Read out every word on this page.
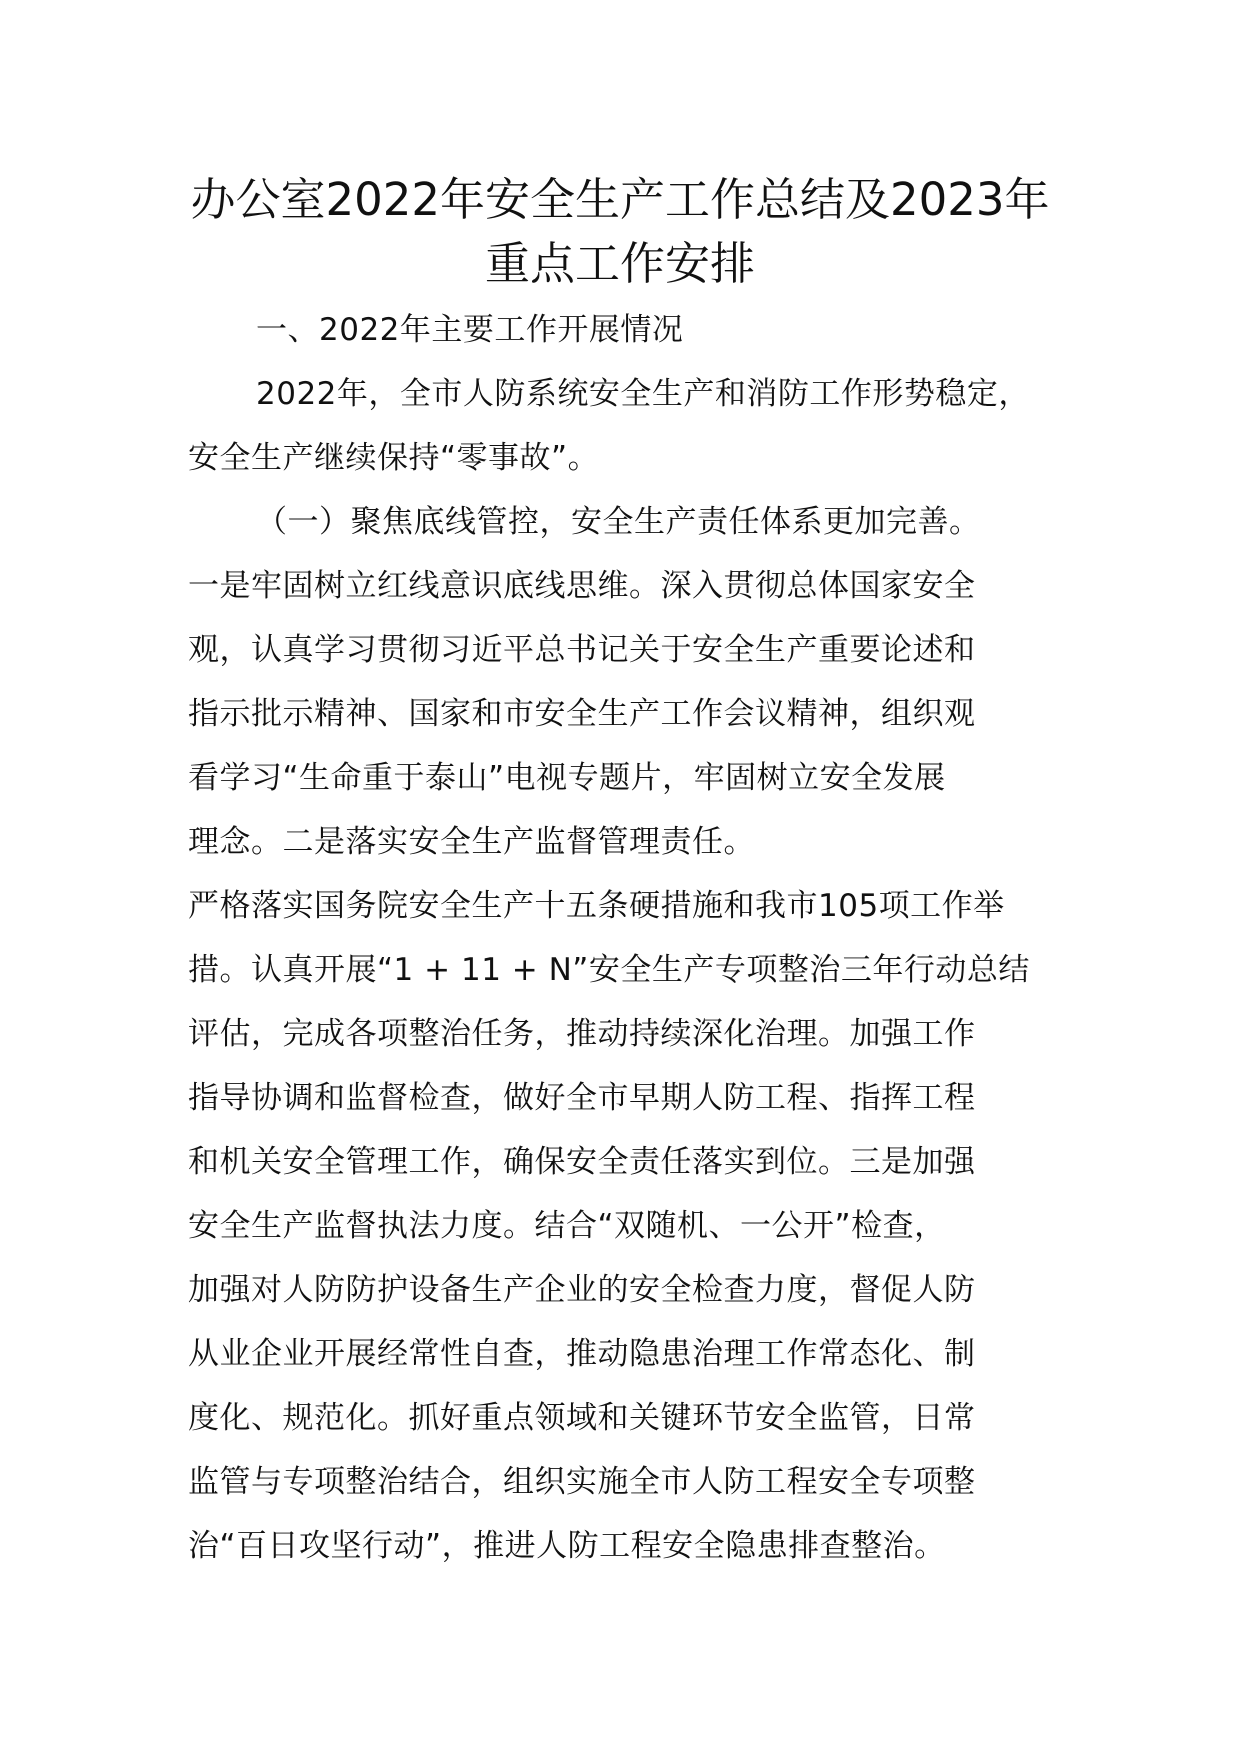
办公室2022年安全生产工作总结及2023年
重点工作安排
一、2022年主要工作开展情况
2022年，全市人防系统安全生产和消防工作形势稳定，
安全生产继续保持“零事故”。
（一）聚焦底线管控，安全生产责任体系更加完善。
一是牢固树立红线意识底线思维。深入贯彻总体国家安全
观，认真学习贯彻习近平总书记关于安全生产重要论述和
指示批示精神、国家和市安全生产工作会议精神，组织观
看学习“生命重于泰山”电视专题片，牢固树立安全发展
理念。二是落实安全生产监督管理责任。
严格落实国务院安全生产十五条硬措施和我市105项工作举
措。认真开展“1 + 11 + N”安全生产专项整治三年行动总结
评估，完成各项整治任务，推动持续深化治理。加强工作
指导协调和监督检查，做好全市早期人防工程、指挥工程
和机关安全管理工作，确保安全责任落实到位。三是加强
安全生产监督执法力度。结合“双随机、一公开”检查，
加强对人防防护设备生产企业的安全检查力度，督促人防
从业企业开展经常性自查，推动隐患治理工作常态化、制
度化、规范化。抓好重点领域和关键环节安全监管，日常
监管与专项整治结合，组织实施全市人防工程安全专项整
治“百日攻坚行动”，推进人防工程安全隐患排查整治。
